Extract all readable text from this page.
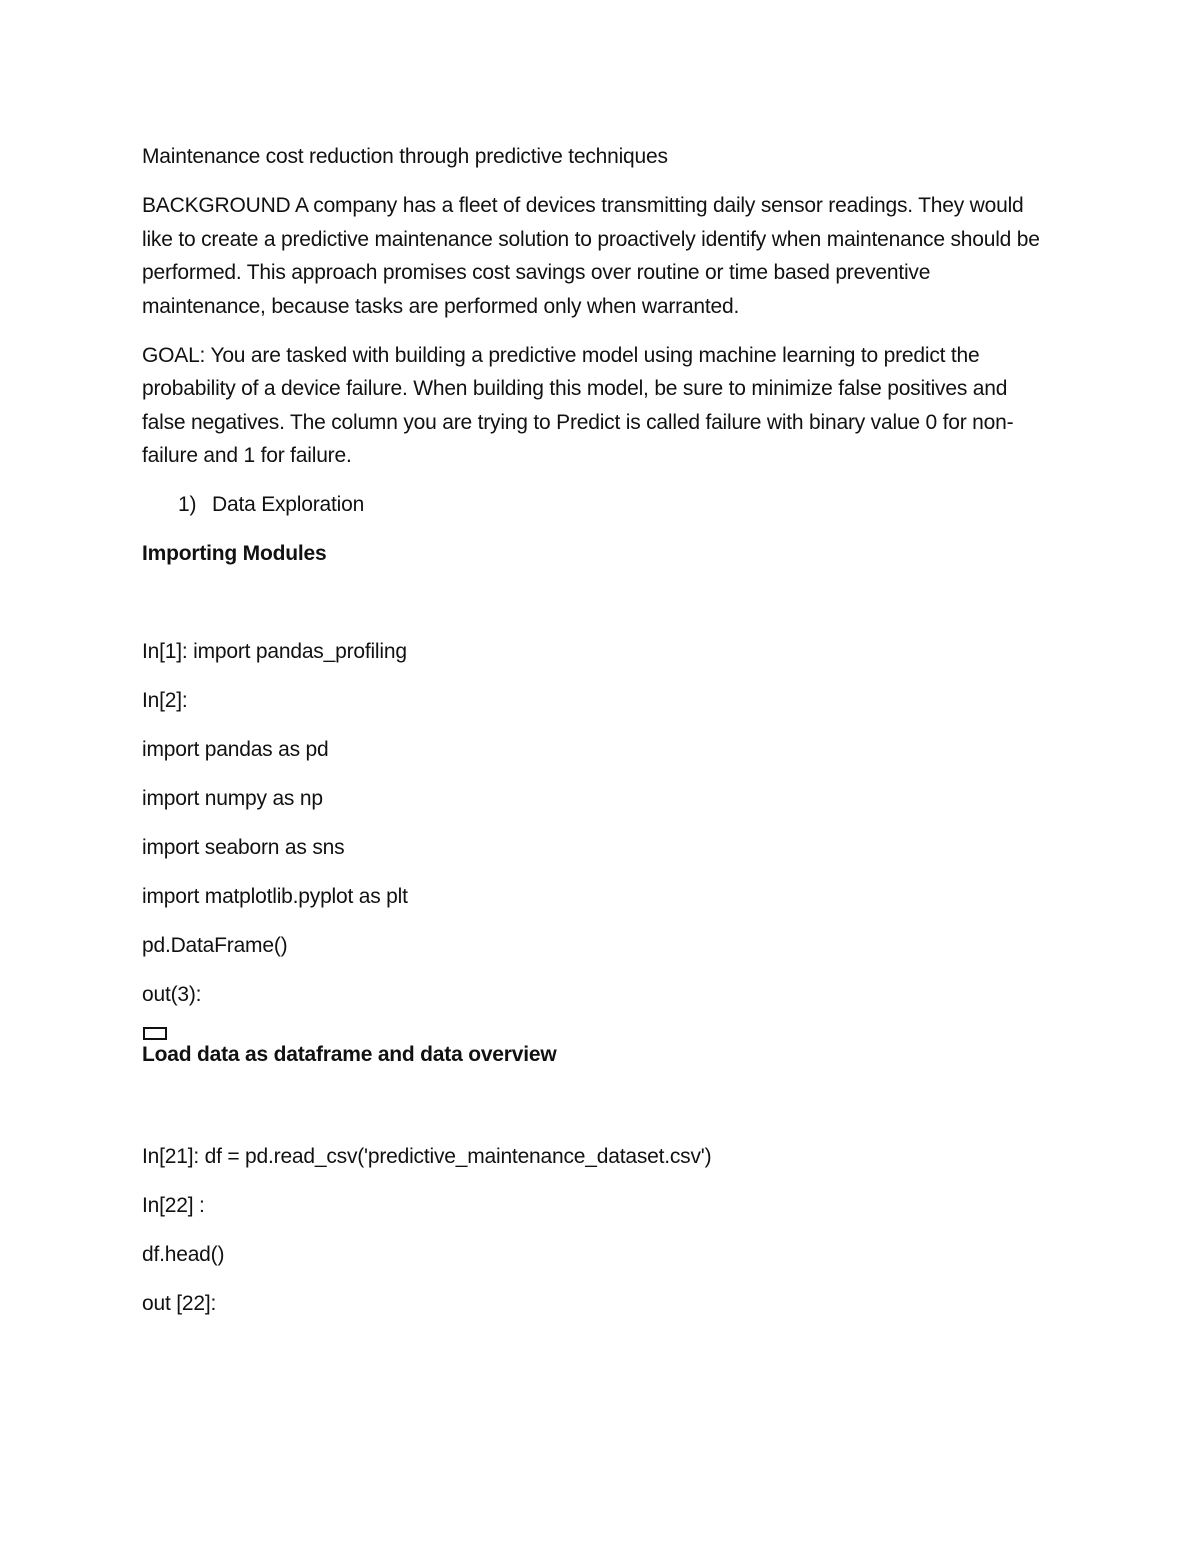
Maintenance cost reduction through predictive techniques

BACKGROUND A company has a fleet of devices transmitting daily sensor readings. They would like to create a predictive maintenance solution to proactively identify when maintenance should be performed. This approach promises cost savings over routine or time based preventive maintenance, because tasks are performed only when warranted.

GOAL: You are tasked with building a predictive model using machine learning to predict the probability of a device failure. When building this model, be sure to minimize false positives and false negatives. The column you are trying to Predict is called failure with binary value 0 for non-failure and 1 for failure.

1) Data Exploration

Importing Modules

In[1]: import pandas_profiling

In[2]:

import pandas as pd

import numpy as np

import seaborn as sns

import matplotlib.pyplot as plt

pd.DataFrame()

out(3):

Load data as dataframe and data overview

In[21]: df = pd.read_csv('predictive_maintenance_dataset.csv')

In[22] :

df.head()

out [22]:
